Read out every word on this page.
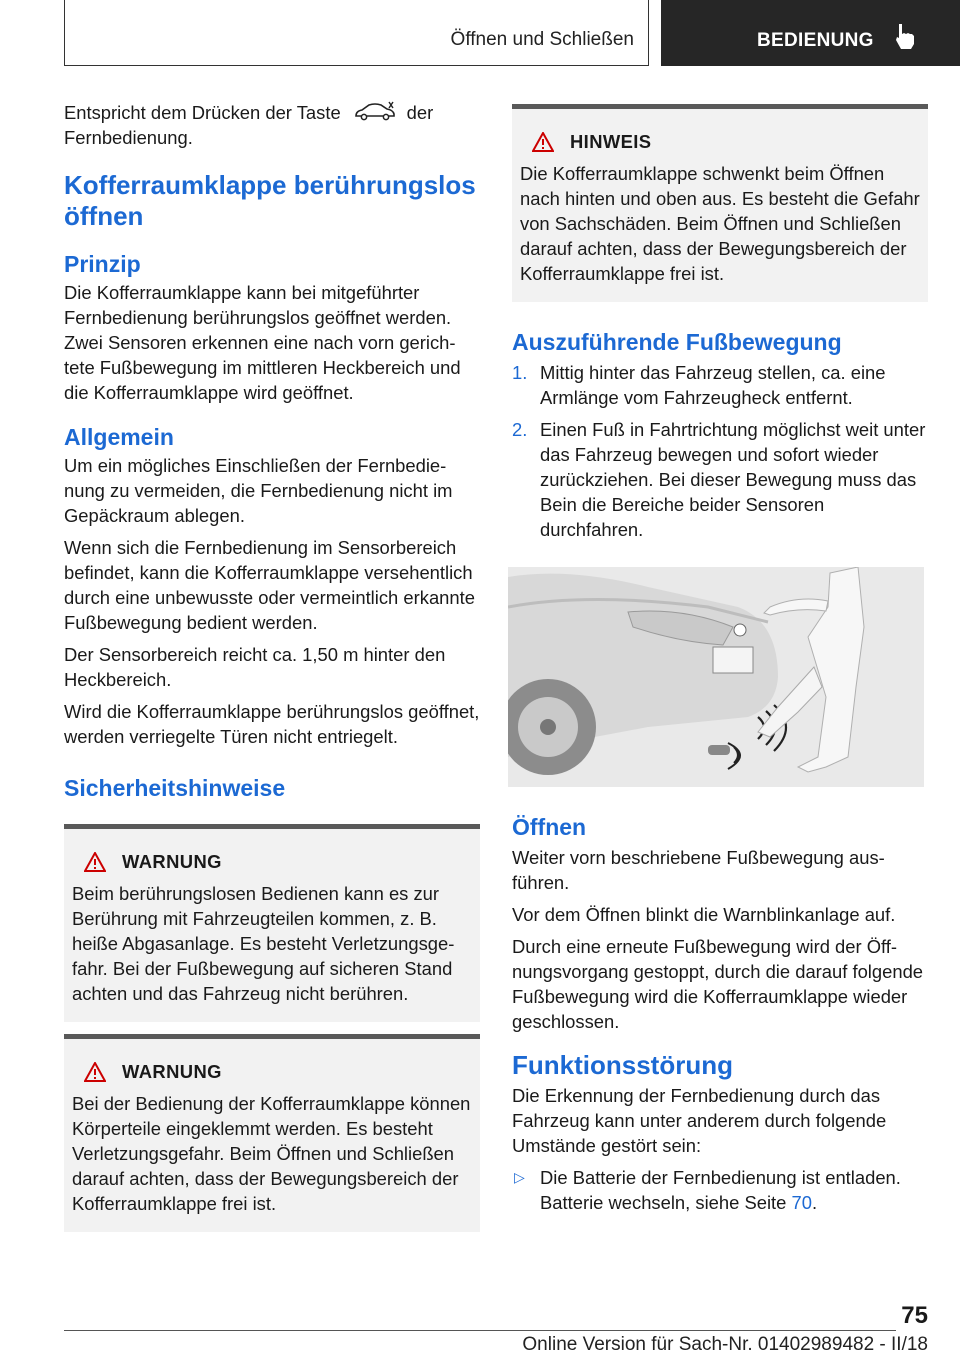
Öffnen und Schließen	BEDIENUNG

Entspricht dem Drücken der Taste	der
Fernbedienung.

Kofferraumklappe berührungslos öffnen
Prinzip

Die Kofferraumklappe kann bei mitgeführter Fernbedienung berührungslos geöffnet werden. Zwei Sensoren erkennen eine nach vorn gerichtete Fußbewegung im mittleren Heckbereich und die Kofferraumklappe wird geöffnet.

Allgemein

Um ein mögliches Einschließen der Fernbedienung zu vermeiden, die Fernbedienung nicht im Gepäckraum ablegen.

Wenn sich die Fernbedienung im Sensorbereich befindet, kann die Kofferraumklappe versehentlich durch eine unbewusste oder vermeintlich erkannte Fußbewegung bedient werden.

Der Sensorbereich reicht ca. 1,50 m hinter den Heckbereich.

Wird die Kofferraumklappe berührungslos geöffnet, werden verriegelte Türen nicht entriegelt.

Sicherheitshinweise
WARNUNG

Beim berührungslosen Bedienen kann es zur Berührung mit Fahrzeugteilen kommen, z. B. heiße Abgasanlage. Es besteht Verletzungsgefahr. Bei der Fußbewegung auf sicheren Stand achten und das Fahrzeug nicht berühren.

WARNUNG

Bei der Bedienung der Kofferraumklappe können Körperteile eingeklemmt werden. Es besteht Verletzungsgefahr. Beim Öffnen und Schließen darauf achten, dass der Bewegungsbereich der Kofferraumklappe frei ist.

HINWEIS

Die Kofferraumklappe schwenkt beim Öffnen nach hinten und oben aus. Es besteht die Gefahr von Sachschäden. Beim Öffnen und Schließen darauf achten, dass der Bewegungsbereich der Kofferraumklappe frei ist.

Auszuführende Fußbewegung
1. Mittig hinter das Fahrzeug stellen, ca. eine Armlänge vom Fahrzeugheck entfernt.
2. Einen Fuß in Fahrtrichtung möglichst weit unter das Fahrzeug bewegen und sofort wieder zurückziehen. Bei dieser Bewegung muss das Bein die Bereiche beider Sensoren durchfahren.
Öffnen

Weiter vorn beschriebene Fußbewegung ausführen.

Vor dem Öffnen blinkt die Warnblinkanlage auf.

Durch eine erneute Fußbewegung wird der Öffnungsvorgang gestoppt, durch die darauf folgende Fußbewegung wird die Kofferraumklappe wieder geschlossen.

Funktionsstörung

Die Erkennung der Fernbedienung durch das Fahrzeug kann unter anderem durch folgende Umstände gestört sein:

▷ Die Batterie der Fernbedienung ist entladen. Batterie wechseln, siehe Seite 70.
75
Online Version für Sach-Nr. 01402989482 - II/18
